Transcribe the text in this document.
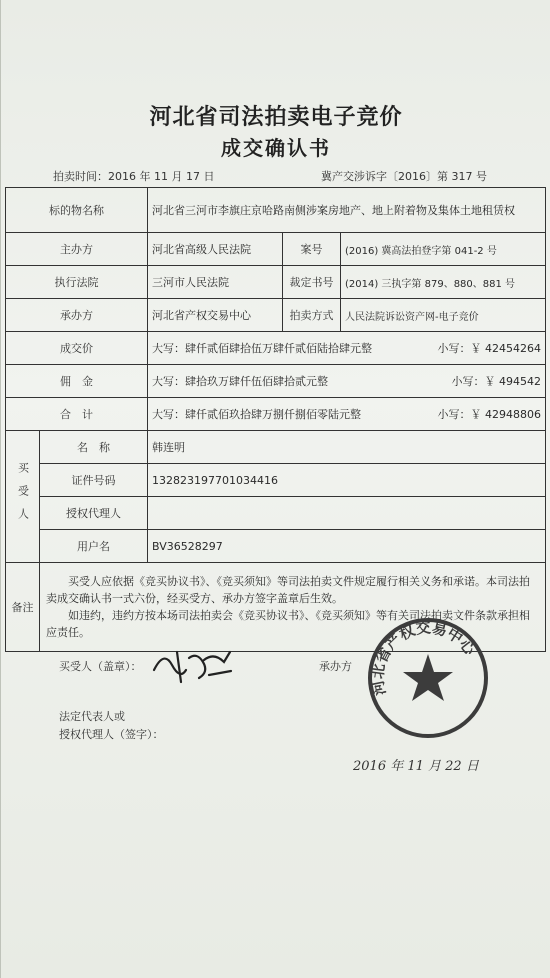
河北省司法拍卖电子竞价
成交确认书
拍卖时间：2016 年 11 月 17 日	冀产交涉诉字〔2016〕第 317 号
标的物名称		河北省三河市李旗庄京哈路南侧涉案房地产、地上附着物及集体土地租赁权		
主办方		河北省高级人民法院	案号	(2016) 冀高法拍登字第 041-2 号
执行法院		三河市人民法院	裁定书号	(2014) 三执字第 879、880、881 号
承办方		河北省产权交易中心	拍卖方式	人民法院诉讼资产网-电子竞价
成交价		大写：肆仟贰佰肆拾伍万肆仟贰佰陆拾肆元整 小写：￥ 42454264		

佣　金		大写：肆拾玖万肆仟伍佰肆拾贰元整 小写：￥ 494542		

合　计		大写：肆仟贰佰玖拾肆万捌仟捌佰零陆元整 小写：￥ 42948806		

买受人	名　称	韩连明		
	证件号码	132823197701034416		
	授权代理人			
	用户名	BV36528297		
备注	买受人应依据《竞买协议书》、《竞买须知》等司法拍卖文件规定履行相关义务和承诺。本司法拍卖成交确认书一式六份，经买受方、承办方签字盖章后生效。
如违约，违约方按本场司法拍卖会《竞买协议书》、《竞买须知》等有关司法拍卖文件条款承担相应责任。			
买受人（盖章）：	承办方
河北省产权交易中心
法定代表人或
授权代理人（签字）：
2016 年 11 月 22 日
